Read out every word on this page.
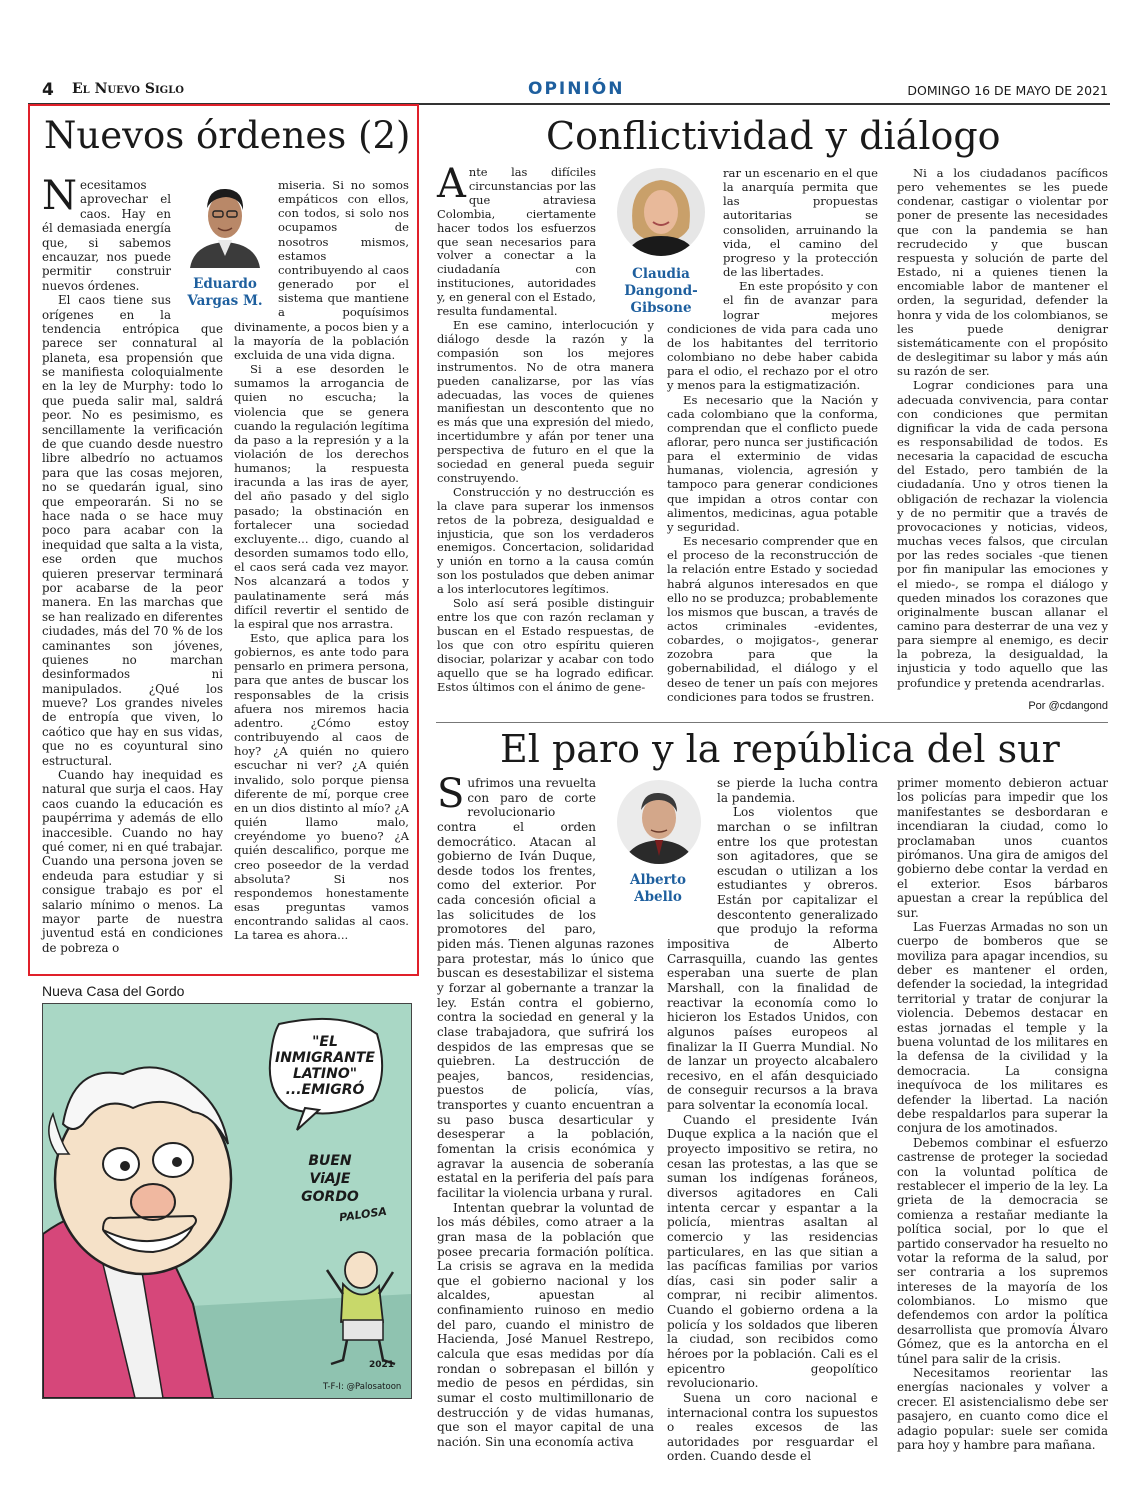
4 El Nuevo Siglo	OPINIÓN	DOMINGO 16 DE MAYO DE 2021
Nuevos órdenes (2)
Eduardo
Vargas M.
N ecesitamos aprovechar el caos. Hay en él demasiada energía que, si sabemos encauzar, nos puede permitir construir nuevos órdenes.

El caos tiene sus orígenes en la tendencia entrópica que parece ser connatural al planeta, esa propensión que se manifiesta coloquialmente en la ley de Murphy: todo lo que pueda salir mal, saldrá peor. No es pesimismo, es sencillamente la verificación de que cuando desde nuestro libre albedrío no actuamos para que las cosas mejoren, no se quedarán igual, sino que empeorarán. Si no se hace nada o se hace muy poco para acabar con la inequidad que salta a la vista, ese orden que muchos quieren preservar terminará por acabarse de la peor manera. En las marchas que se han realizado en diferentes ciudades, más del 70 % de los caminantes son jóvenes, quienes no marchan desinformados ni manipulados. ¿Qué los mueve? Los grandes niveles de entropía que viven, lo caótico que hay en sus vidas, que no es coyuntural sino estructural.

Cuando hay inequidad es natural que surja el caos. Hay caos cuando la educación es paupérrima y además de ello inaccesible. Cuando no hay qué comer, ni en qué trabajar. Cuando una persona joven se endeuda para estudiar y si consigue trabajo es por el salario mínimo o menos. La mayor parte de nuestra juventud está en condiciones de pobreza o

miseria. Si no somos empáticos con ellos, con todos, si solo nos ocupamos de nosotros mismos, estamos contribuyendo al caos generado por el sistema que mantiene a poquísimos divinamente, a pocos bien y a la mayoría de la población excluida de una vida digna.

Si a ese desorden le sumamos la arrogancia de quien no escucha; la violencia que se genera cuando la regulación legítima da paso a la represión y a la violación de los derechos humanos; la respuesta iracunda a las iras de ayer, del año pasado y del siglo pasado; la obstinación en fortalecer una sociedad excluyente... digo, cuando al desorden sumamos todo ello, el caos será cada vez mayor. Nos alcanzará a todos y paulatinamente será más difícil revertir el sentido de la espiral que nos arrastra.

Esto, que aplica para los gobiernos, es ante todo para pensarlo en primera persona, para que antes de buscar los responsables de la crisis afuera nos miremos hacia adentro. ¿Cómo estoy contribuyendo al caos de hoy? ¿A quién no quiero escuchar ni ver? ¿A quién invalido, solo porque piensa diferente de mí, porque cree en un dios distinto al mío? ¿A quién llamo malo, creyéndome yo bueno? ¿A quién descalifico, porque me creo poseedor de la verdad absoluta? Si nos respondemos honestamente esas preguntas vamos encontrando salidas al caos. La tarea es ahora...

Nueva Casa del Gordo
"EL
INMIGRANTE
LATINO"
...EMIGRÓ
BUEN
ViAJE
GORDO
PALOSA
2021
T-F-I: @Palosatoon
Conflictividad y diálogo
Claudia
Dangond-
Gibsone
A nte las difíciles circunstancias por las que atraviesa Colombia, ciertamente hacer todos los esfuerzos que sean necesarios para volver a conectar a la ciudadanía con instituciones, autoridades y, en general con el Estado, resulta fundamental.

En ese camino, interlocución y diálogo desde la razón y la compasión son los mejores instrumentos. No de otra manera pueden canalizarse, por las vías adecuadas, las voces de quienes manifiestan un descontento que no es más que una expresión del miedo, incertidumbre y afán por tener una perspectiva de futuro en el que la sociedad en general pueda seguir construyendo.

Construcción y no destrucción es la clave para superar los inmensos retos de la pobreza, desigualdad e injusticia, que son los verdaderos enemigos. Concertacion, solidaridad y unión en torno a la causa común son los postulados que deben animar a los interlocutores legítimos.

Solo así será posible distinguir entre los que con razón reclaman y buscan en el Estado respuestas, de los que con otro espíritu quieren disociar, polarizar y acabar con todo aquello que se ha logrado edificar. Estos últimos con el ánimo de gene-

rar un escenario en el que la anarquía permita que las propuestas autoritarias se consoliden, arruinando la vida, el camino del progreso y la protección de las libertades.

En este propósito y con el fin de avanzar para lograr mejores condiciones de vida para cada uno de los habitantes del territorio colombiano no debe haber cabida para el odio, el rechazo por el otro y menos para la estigmatización.

Es necesario que la Nación y cada colombiano que la conforma, comprendan que el conflicto puede aflorar, pero nunca ser justificación para el exterminio de vidas humanas, violencia, agresión y tampoco para generar condiciones que impidan a otros contar con alimentos, medicinas, agua potable y seguridad.

Es necesario comprender que en el proceso de la reconstrucción de la relación entre Estado y sociedad habrá algunos interesados en que ello no se produzca; probablemente los mismos que buscan, a través de actos criminales -evidentes, cobardes, o mojigatos-, generar zozobra para que la gobernabilidad, el diálogo y el deseo de tener un país con mejores condiciones para todos se frustren.

Ni a los ciudadanos pacíficos pero vehementes se les puede condenar, castigar o violentar por poner de presente las necesidades que con la pandemia se han recrudecido y que buscan respuesta y solución de parte del Estado, ni a quienes tienen la encomiable labor de mantener el orden, la seguridad, defender la honra y vida de los colombianos, se les puede denigrar sistemáticamente con el propósito de deslegitimar su labor y más aún su razón de ser.

Lograr condiciones para una adecuada convivencia, para contar con condiciones que permitan dignificar la vida de cada persona es responsabilidad de todos. Es necesaria la capacidad de escucha del Estado, pero también de la ciudadanía. Uno y otros tienen la obligación de rechazar la violencia y de no permitir que a través de provocaciones y noticias, videos, muchas veces falsos, que circulan por las redes sociales -que tienen por fin manipular las emociones y el miedo-, se rompa el diálogo y queden minados los corazones que originalmente buscan allanar el camino para desterrar de una vez y para siempre al enemigo, es decir la pobreza, la desigualdad, la injusticia y todo aquello que las profundice y pretenda acendrarlas.

Por @cdangond
El paro y la república del sur
Alberto
Abello
S ufrimos una revuelta con paro de corte revolucionario contra el orden democrático. Atacan al gobierno de Iván Duque, desde todos los frentes, como del exterior. Por cada concesión oficial a las solicitudes de los promotores del paro, piden más. Tienen algunas razones para protestar, más lo único que buscan es desestabilizar el sistema y forzar al gobernante a tranzar la ley. Están contra el gobierno, contra la sociedad en general y la clase trabajadora, que sufrirá los despidos de las empresas que se quiebren. La destrucción de peajes, bancos, residencias, puestos de policía, vías, transportes y cuanto encuentran a su paso busca desarticular y desesperar a la población, fomentan la crisis económica y agravar la ausencia de soberanía estatal en la periferia del país para facilitar la violencia urbana y rural.

Intentan quebrar la voluntad de los más débiles, como atraer a la gran masa de la población que posee precaria formación política. La crisis se agrava en la medida que el gobierno nacional y los alcaldes, apuestan al confinamiento ruinoso en medio del paro, cuando el ministro de Hacienda, José Manuel Restrepo, calcula que esas medidas por día rondan o sobrepasan el billón y medio de pesos en pérdidas, sin sumar el costo multimillonario de destrucción y de vidas humanas, que son el mayor capital de una nación. Sin una economía activa

se pierde la lucha contra la pandemia.

Los violentos que marchan o se infiltran entre los que protestan son agitadores, que se escudan o utilizan a los estudiantes y obreros. Están por capitalizar el descontento generalizado que produjo la reforma impositiva de Alberto Carrasquilla, cuando las gentes esperaban una suerte de plan Marshall, con la finalidad de reactivar la economía como lo hicieron los Estados Unidos, con algunos países europeos al finalizar la II Guerra Mundial. No de lanzar un proyecto alcabalero recesivo, en el afán desquiciado de conseguir recursos a la brava para solventar la economía local.

Cuando el presidente Iván Duque explica a la nación que el proyecto impositivo se retira, no cesan las protestas, a las que se suman los indígenas foráneos, diversos agitadores en Cali intenta cercar y espantar a la policía, mientras asaltan al comercio y las residencias particulares, en las que sitian a las pacíficas familias por varios días, casi sin poder salir a comprar, ni recibir alimentos. Cuando el gobierno ordena a la policía y los soldados que liberen la ciudad, son recibidos como héroes por la población. Cali es el epicentro geopolítico revolucionario.

Suena un coro nacional e internacional contra los supuestos o reales excesos de las autoridades por resguardar el orden. Cuando desde el

primer momento debieron actuar los policías para impedir que los manifestantes se desbordaran e incendiaran la ciudad, como lo proclamaban unos cuantos pirómanos. Una gira de amigos del gobierno debe contar la verdad en el exterior. Esos bárbaros apuestan a crear la república del sur.

Las Fuerzas Armadas no son un cuerpo de bomberos que se moviliza para apagar incendios, su deber es mantener el orden, defender la sociedad, la integridad territorial y tratar de conjurar la violencia. Debemos destacar en estas jornadas el temple y la buena voluntad de los militares en la defensa de la civilidad y la democracia. La consigna inequívoca de los militares es defender la libertad. La nación debe respaldarlos para superar la conjura de los amotinados.

Debemos combinar el esfuerzo castrense de proteger la sociedad con la voluntad política de restablecer el imperio de la ley. La grieta de la democracia se comienza a restañar mediante la política social, por lo que el partido conservador ha resuelto no votar la reforma de la salud, por ser contraria a los supremos intereses de la mayoría de los colombianos. Lo mismo que defendemos con ardor la política desarrollista que promovía Álvaro Gómez, que es la antorcha en el túnel para salir de la crisis.

Necesitamos reorientar las energías nacionales y volver a crecer. El asistencialismo debe ser pasajero, en cuanto como dice el adagio popular: suele ser comida para hoy y hambre para mañana.
